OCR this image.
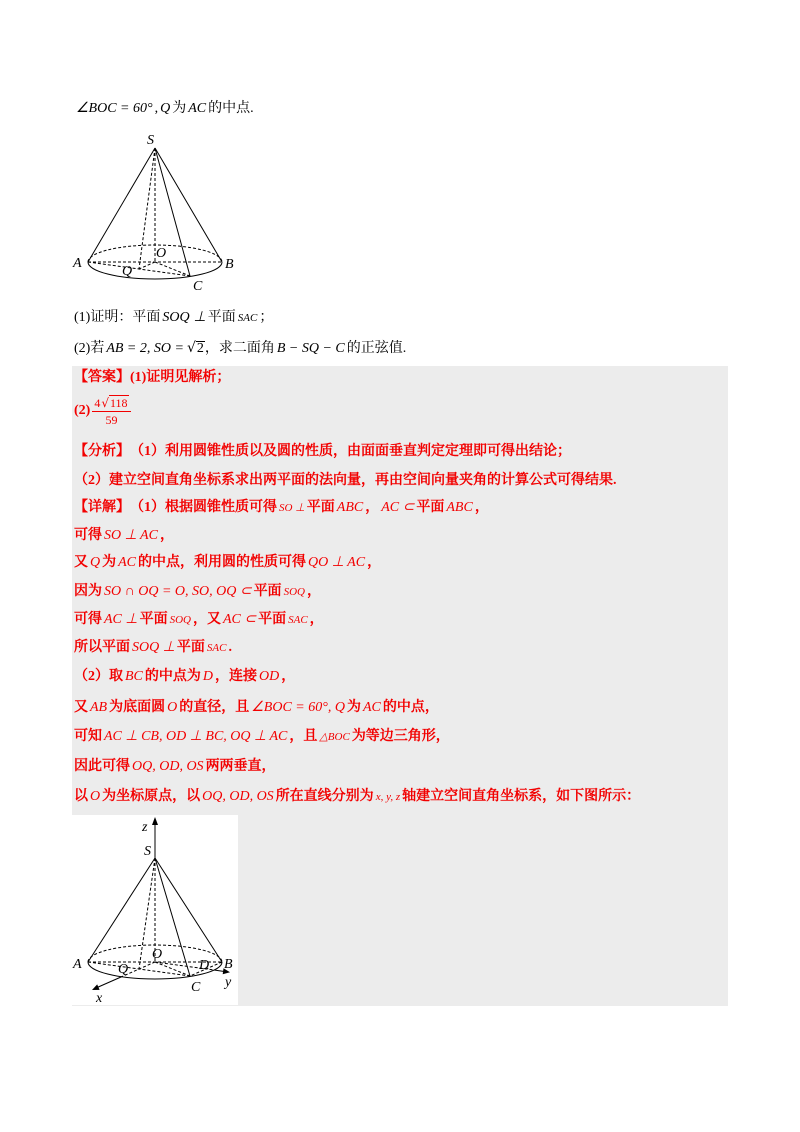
∠BOC = 60° , Q 为 AC 的中点.
S
A
O
Q	B
C
(1)证明：平面 SOQ ⊥ 平面 SAC ；
(2)若 AB = 2, SO = √ 2 ，求二面角 B − SQ − C 的正弦值.
【答案】 (1)证明见解析；
$(2) \frac{4 √ 118}{59}$
【分析】 （1）利用圆锥性质以及圆的性质，由面面垂直判定定理即可得出结论；
（2）建立空间直角坐标系求出两平面的法向量，再由空间向量夹角的计算公式可得结果.
【详解】 （1）根据圆锥性质可得 SO ⊥ 平面 ABC ， AC ⊂ 平面 ABC ，
可得 SO ⊥ AC ，
又 Q 为 AC 的中点，利用圆的性质可得 QO ⊥ AC ，
因为 SO ∩ OQ = O, SO, OQ ⊂ 平面 SOQ ，
可得 AC ⊥ 平面 SOQ ，又 AC ⊂ 平面 SAC ，
所以平面 SOQ ⊥ 平面 SAC .
（2）取 BC 的中点为 D ，连接 OD ，
又 AB 为底面圆 O 的直径，且 ∠BOC = 60°, Q 为 AC 的中点，
可知 AC ⊥ CB, OD ⊥ BC, OQ ⊥ AC ，且 △BOC 为等边三角形，
因此可得 OQ, OD, OS 两两垂直，
以 O 为坐标原点，以 OQ, OD, OS 所在直线分别为 x, y, z 轴建立空间直角坐标系，如下图所示：
z
S
A
O
Q	D B
C
x
y
